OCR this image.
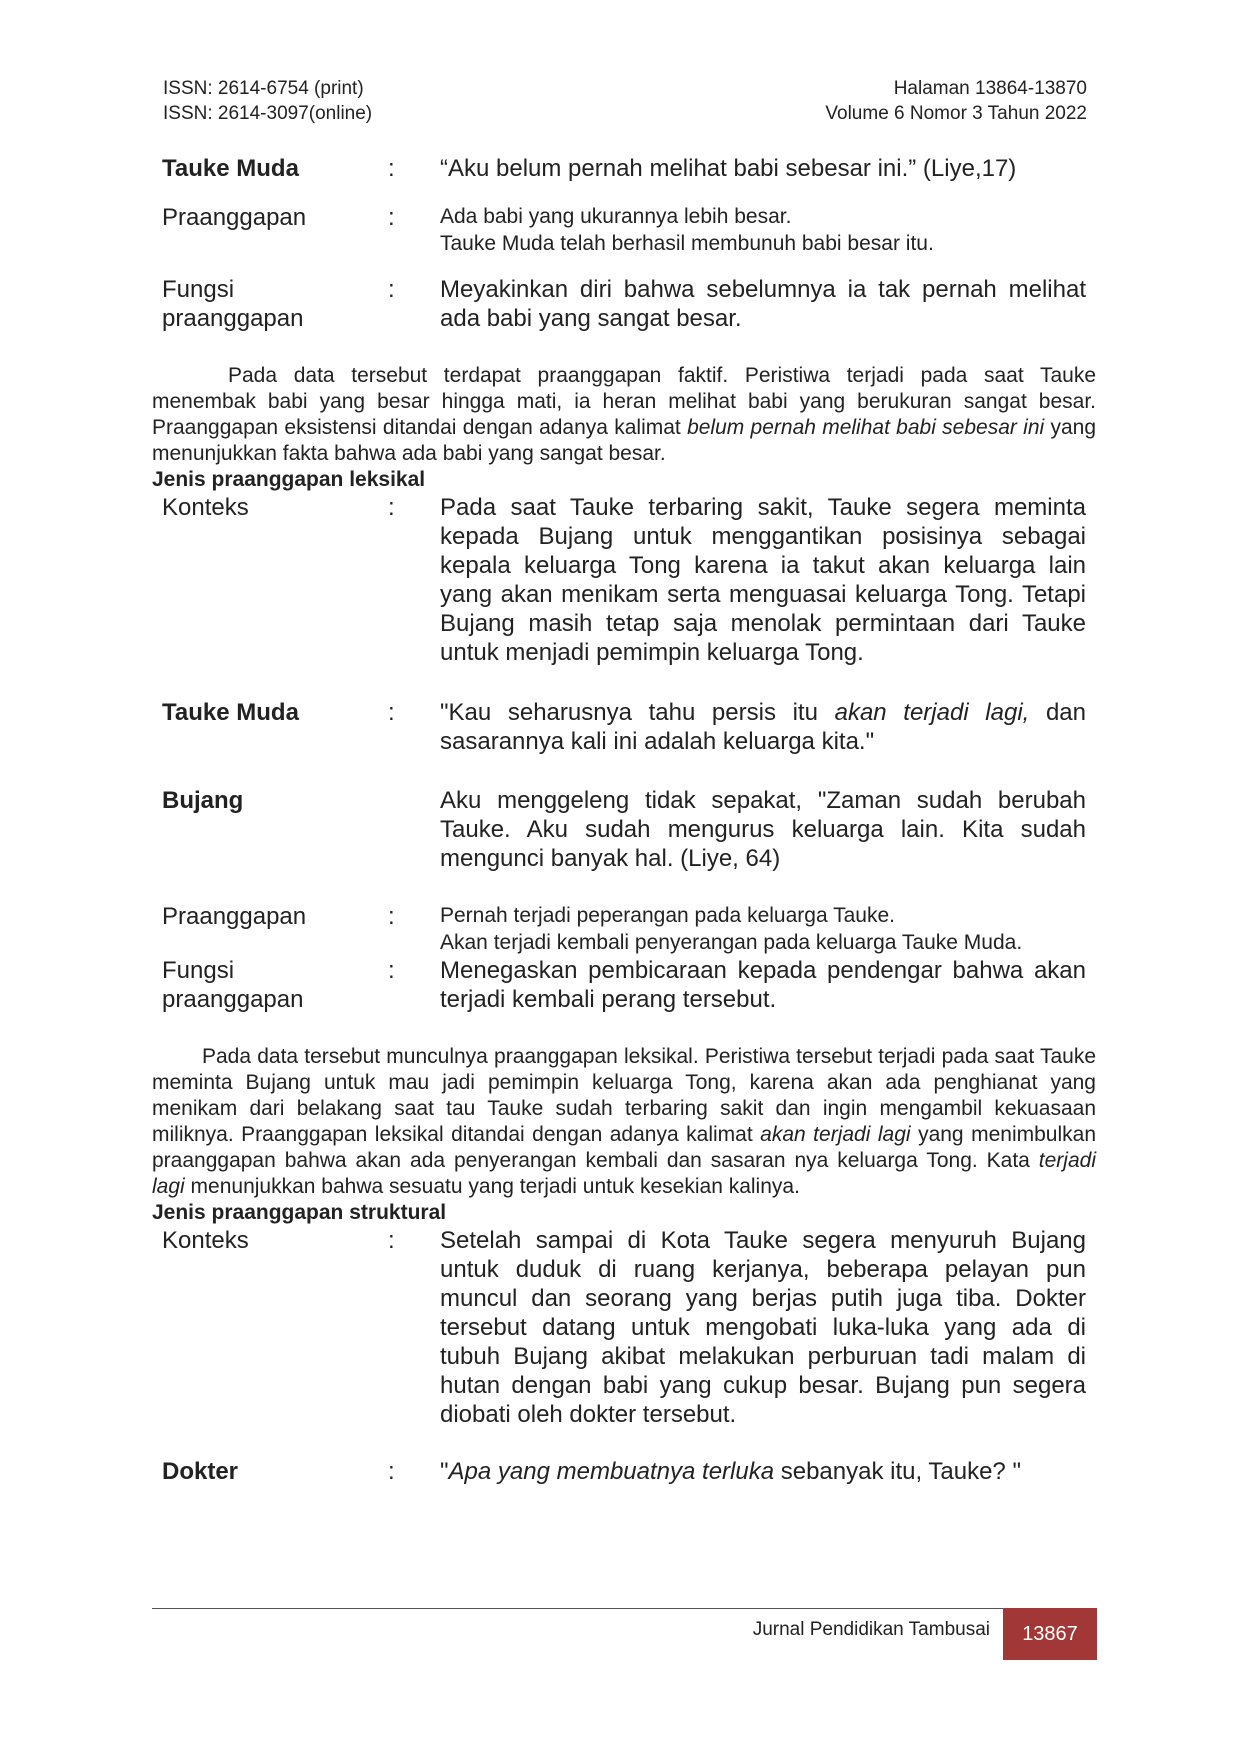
ISSN: 2614-6754 (print)
ISSN: 2614-3097(online)
Halaman 13864-13870
Volume 6 Nomor 3 Tahun 2022
Tauke Muda	:	“Aku belum pernah melihat babi sebesar ini.” (Liye,17)
Praanggapan	:	Ada babi yang ukurannya lebih besar.
Tauke Muda telah berhasil membunuh babi besar itu.
Fungsi
praanggapan
:	Meyakinkan diri bahwa sebelumnya ia tak pernah melihat ada babi yang sangat besar.
Pada data tersebut terdapat praanggapan faktif. Peristiwa terjadi pada saat Tauke menembak babi yang besar hingga mati, ia heran melihat babi yang berukuran sangat besar. Praanggapan eksistensi ditandai dengan adanya kalimat belum pernah melihat babi sebesar ini yang menunjukkan fakta bahwa ada babi yang sangat besar.
Jenis praanggapan leksikal
Konteks	:	Pada saat Tauke terbaring sakit, Tauke segera meminta kepada Bujang untuk menggantikan posisinya sebagai kepala keluarga Tong karena ia takut akan keluarga lain yang akan menikam serta menguasai keluarga Tong. Tetapi Bujang masih tetap saja menolak permintaan dari Tauke untuk menjadi pemimpin keluarga Tong.
Tauke Muda	:	"Kau seharusnya tahu persis itu akan terjadi lagi, dan sasarannya kali ini adalah keluarga kita."
Bujang	Aku menggeleng tidak sepakat, "Zaman sudah berubah Tauke. Aku sudah mengurus keluarga lain. Kita sudah mengunci banyak hal. (Liye, 64)
Praanggapan	:	Pernah terjadi peperangan pada keluarga Tauke.
Akan terjadi kembali penyerangan pada keluarga Tauke Muda.
Fungsi
praanggapan
:	Menegaskan pembicaraan kepada pendengar bahwa akan terjadi kembali perang tersebut.
Pada data tersebut munculnya praanggapan leksikal. Peristiwa tersebut terjadi pada saat Tauke meminta Bujang untuk mau jadi pemimpin keluarga Tong, karena akan ada penghianat yang menikam dari belakang saat tau Tauke sudah terbaring sakit dan ingin mengambil kekuasaan miliknya. Praanggapan leksikal ditandai dengan adanya kalimat akan terjadi lagi yang menimbulkan praanggapan bahwa akan ada penyerangan kembali dan sasaran nya keluarga Tong. Kata terjadi lagi menunjukkan bahwa sesuatu yang terjadi untuk kesekian kalinya.
Jenis praanggapan struktural
Konteks	:	Setelah sampai di Kota Tauke segera menyuruh Bujang untuk duduk di ruang kerjanya, beberapa pelayan pun muncul dan seorang yang berjas putih juga tiba. Dokter tersebut datang untuk mengobati luka-luka yang ada di tubuh Bujang akibat melakukan perburuan tadi malam di hutan dengan babi yang cukup besar. Bujang pun segera diobati oleh dokter tersebut.
Dokter	:	"Apa yang membuatnya terluka sebanyak itu, Tauke? "
Jurnal Pendidikan Tambusai 13867
